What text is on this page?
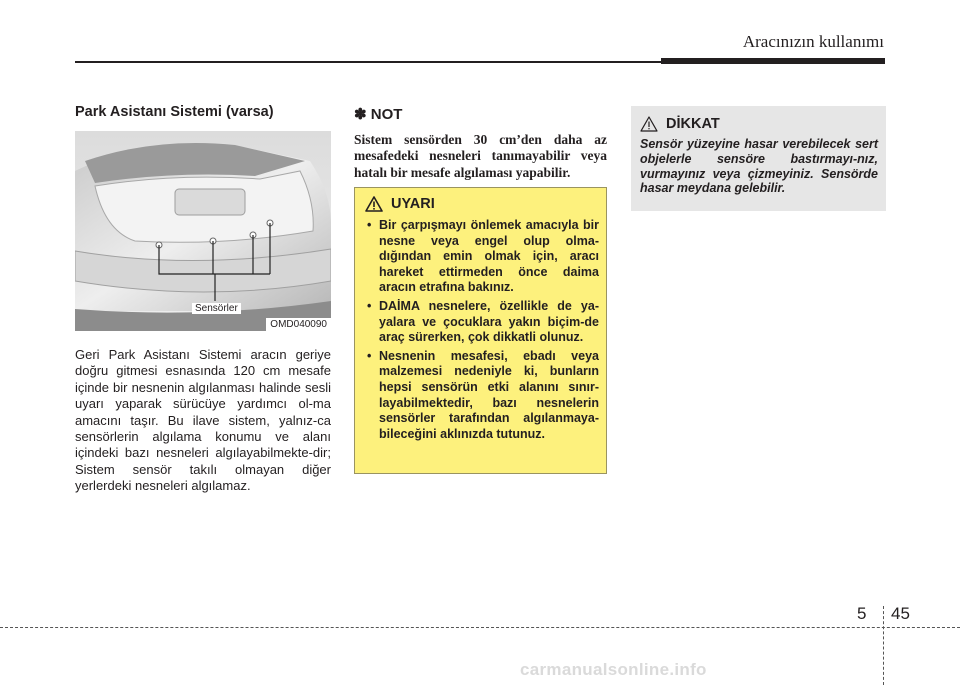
Aracınızın kullanımı
Park Asistanı Sistemi (varsa)
Sensörler
OMD040090

Geri Park Asistanı Sistemi aracın geriye doğru gitmesi esnasında 120 cm mesafe içinde bir nesnenin algılanması halinde sesli uyarı yaparak sürücüye yardımcı ol-ma amacını taşır. Bu ilave sistem, yalnız-ca sensörlerin algılama konumu ve alanı içindeki bazı nesneleri algılayabilmekte-dir; Sistem sensör takılı olmayan diğer yerlerdeki nesneleri algılamaz.

✽ NOT
Sistem sensörden 30 cm’den daha az mesafedeki nesneleri tanımayabilir veya hatalı bir mesafe algılaması yapabilir.
UYARI
• Bir çarpışmayı önlemek amacıyla bir nesne veya engel olup olma-dığından emin olmak için, aracı hareket ettirmeden önce daima aracın etrafına bakınız.
• DAİMA nesnelere, özellikle de ya-yalara ve çocuklara yakın biçim-de araç sürerken, çok dikkatli olunuz.
• Nesnenin mesafesi, ebadı veya malzemesi nedeniyle ki, bunların hepsi sensörün etki alanını sınır-layabilmektedir, bazı nesnelerin sensörler tarafından algılanmaya-bileceğini aklınızda tutunuz.
DİKKAT
Sensör yüzeyine hasar verebilecek sert objelerle sensöre bastırmayı-nız, vurmayınız veya çizmeyiniz. Sensörde hasar meydana gelebilir.
5 45
carmanualsonline.info
